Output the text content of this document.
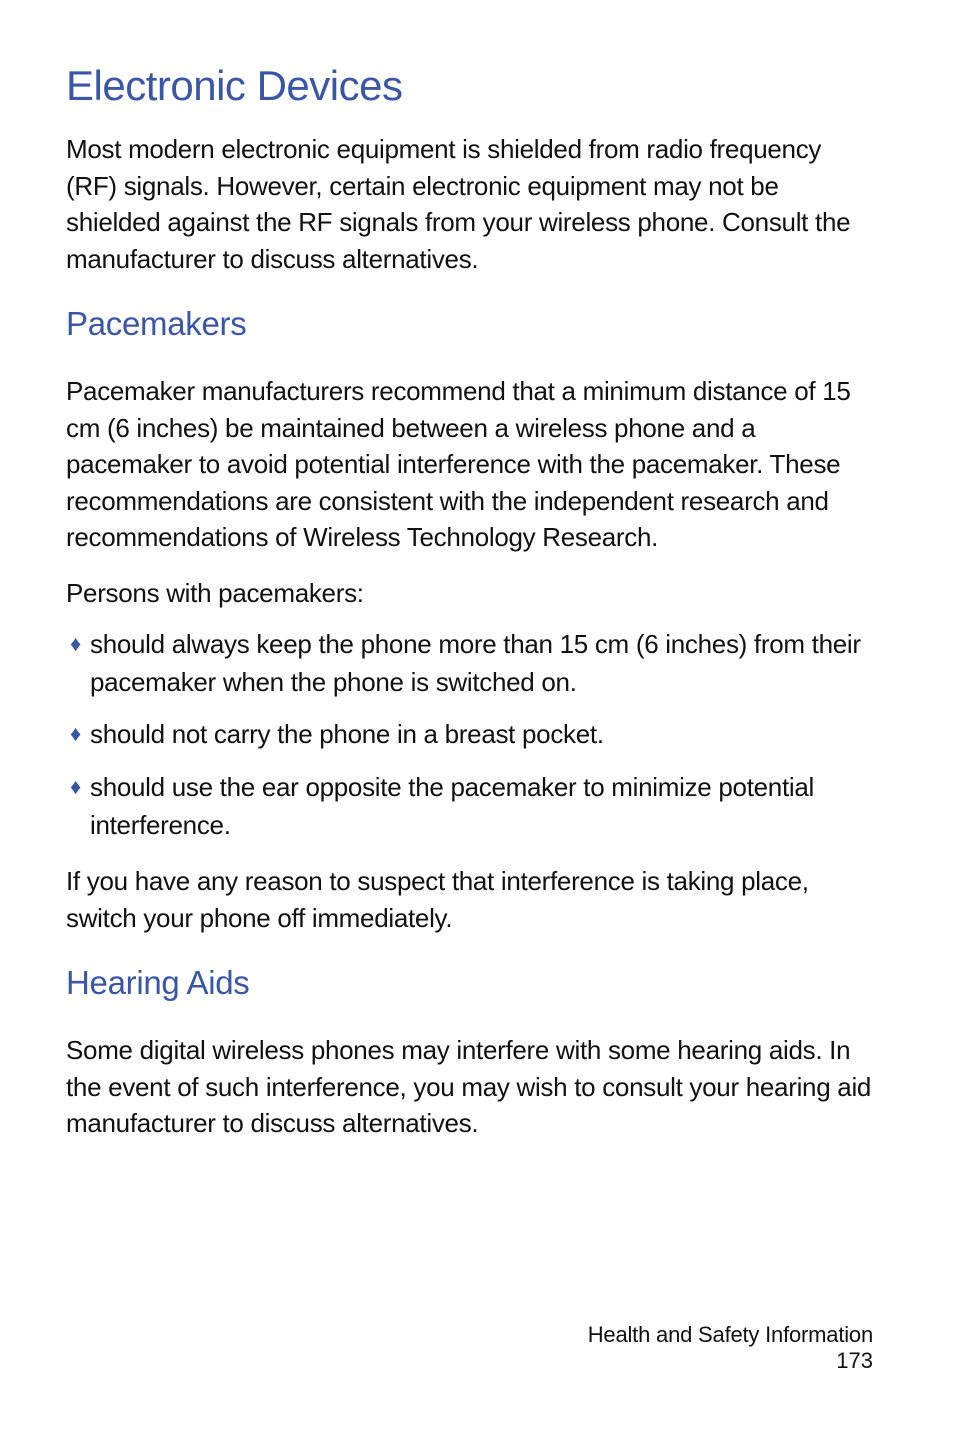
Electronic Devices

Most modern electronic equipment is shielded from radio frequency (RF) signals. However, certain electronic equipment may not be shielded against the RF signals from your wireless phone. Consult the manufacturer to discuss alternatives.

Pacemakers

Pacemaker manufacturers recommend that a minimum distance of 15 cm (6 inches) be maintained between a wireless phone and a pacemaker to avoid potential interference with the pacemaker. These recommendations are consistent with the independent research and recommendations of Wireless Technology Research.

Persons with pacemakers:

♦ should always keep the phone more than 15 cm (6 inches) from their pacemaker when the phone is switched on.

♦ should not carry the phone in a breast pocket.

♦ should use the ear opposite the pacemaker to minimize potential interference.

If you have any reason to suspect that interference is taking place, switch your phone off immediately.

Hearing Aids

Some digital wireless phones may interfere with some hearing aids. In the event of such interference, you may wish to consult your hearing aid manufacturer to discuss alternatives.

Health and Safety Information
173
